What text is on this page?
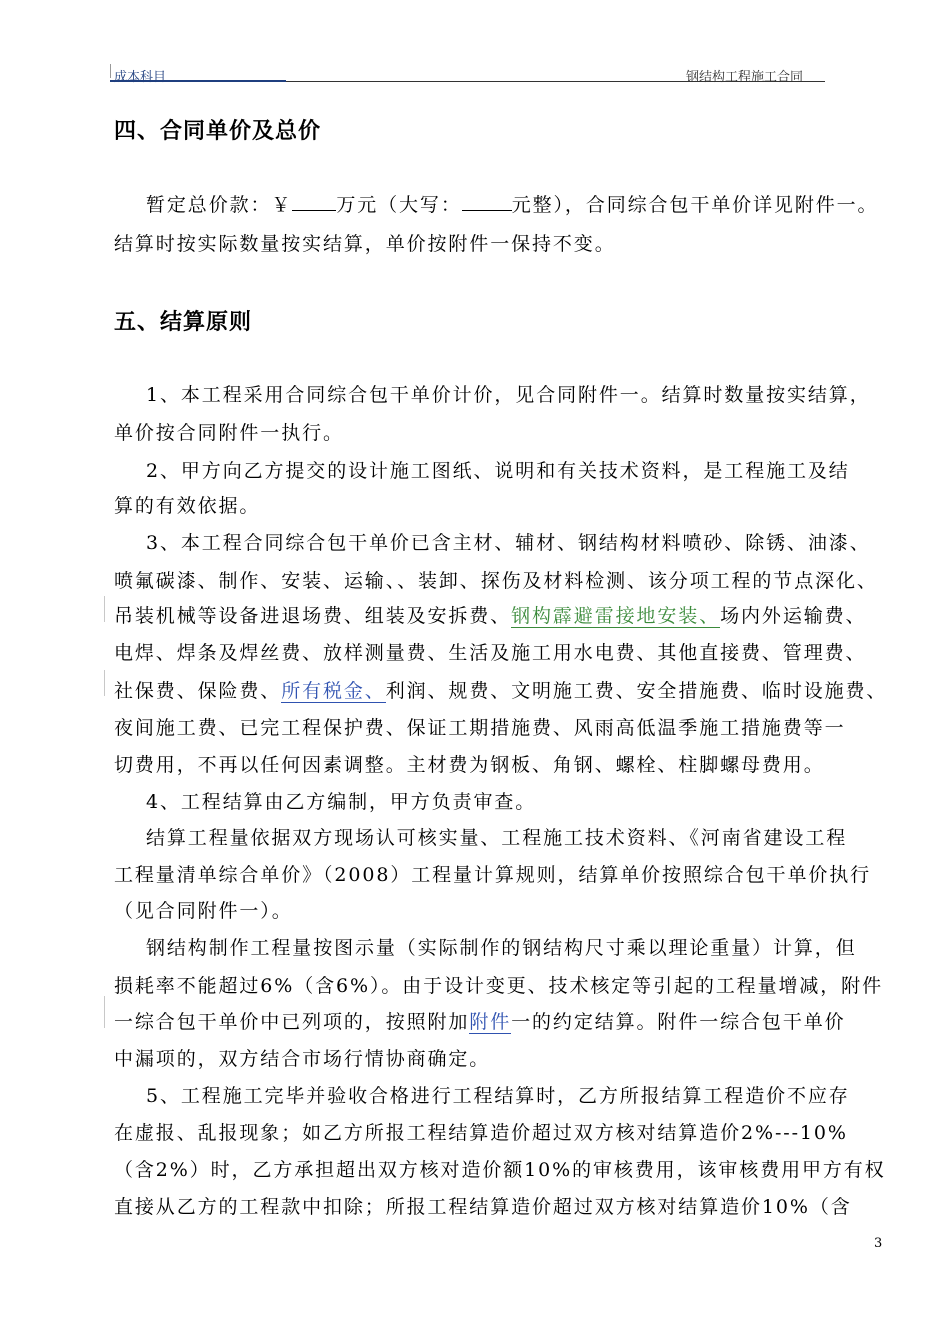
成本科目	钢结构工程施工合同
四、合同单价及总价
暂定总价款：￥ 万元（大写：	元整），合同综合包干单价详见附件一。
结算时按实际数量按实结算，单价按附件一保持不变。
五、结算原则
1、本工程采用合同综合包干单价计价，见合同附件一。结算时数量按实结算，
单价按合同附件一执行。
2、甲方向乙方提交的设计施工图纸、说明和有关技术资料，是工程施工及结
算的有效依据。
3、本工程合同综合包干单价已含主材、辅材、钢结构材料喷砂、除锈、油漆、
喷氟碳漆、制作、安装、运输、、装卸、探伤及材料检测、该分项工程的节点深化、
吊装机械等设备进退场费、组装及安拆费、钢构霹避雷接地安装、场内外运输费、
电焊、焊条及焊丝费、放样测量费、生活及施工用水电费、其他直接费、管理费、
社保费、保险费、所有税金、利润、规费、文明施工费、安全措施费、临时设施费、
夜间施工费、已完工程保护费、保证工期措施费、风雨高低温季施工措施费等一
切费用，不再以任何因素调整。主材费为钢板、角钢、螺栓、柱脚螺母费用。
4、工程结算由乙方编制，甲方负责审查。
结算工程量依据双方现场认可核实量、工程施工技术资料、《河南省建设工程
工程量清单综合单价》（2008）工程量计算规则，结算单价按照综合包干单价执行
（见合同附件一）。
钢结构制作工程量按图示量（实际制作的钢结构尺寸乘以理论重量）计算，但
损耗率不能超过6%（含6%）。由于设计变更、技术核定等引起的工程量增减，附件
一综合包干单价中已列项的，按照附加附件一的约定结算。附件一综合包干单价
中漏项的，双方结合市场行情协商确定。
5、工程施工完毕并验收合格进行工程结算时，乙方所报结算工程造价不应存
在虚报、乱报现象；如乙方所报工程结算造价超过双方核对结算造价2%---10%
（含2%）时，乙方承担超出双方核对造价额10%的审核费用，该审核费用甲方有权
直接从乙方的工程款中扣除；所报工程结算造价超过双方核对结算造价10%（含
3
